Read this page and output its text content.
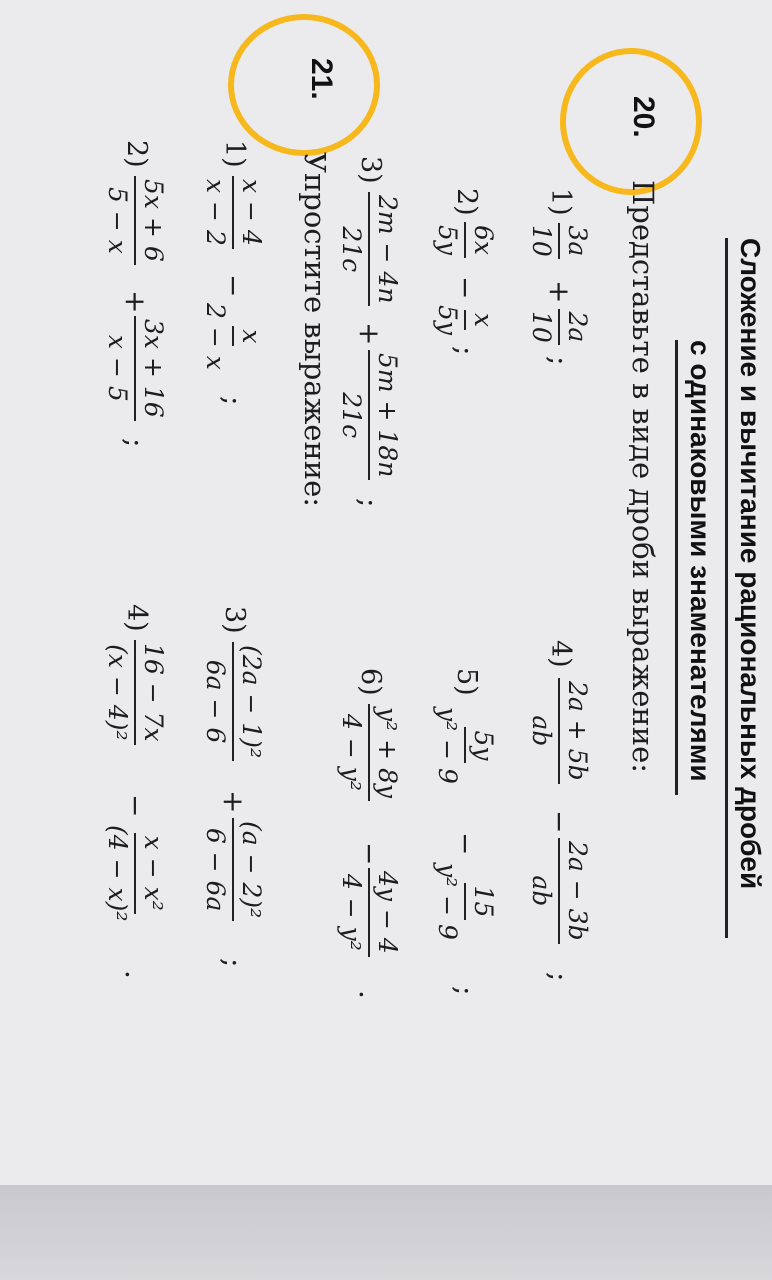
Сложение и вычитание рациональных дробей
с одинаковыми знаменателями
20.
Представьте в виде дроби выражение:
1)
3a
10
+
2a
10
;
2)
6x
5y
−
x
5y
;
3)
2m − 4n
21c
+
5m + 18n
21c
;
4)
2a + 5b
ab
−
2a − 3b
ab
;
5)
5y
y² − 9
−
15
y² − 9
;
6)
y² + 8y
4 − y²
−
4y − 4
4 − y²
.
21.
Упростите выражение:
1)
x − 4
x − 2
−
x
2 − x
;
2)
5x + 6
5 − x
+
3x + 16
x − 5
;
3)
(2a − 1)²
6a − 6
+
(a − 2)²
6 − 6a
;
4)
16 − 7x
(x − 4)²
−
x − x²
(4 − x)²
.
